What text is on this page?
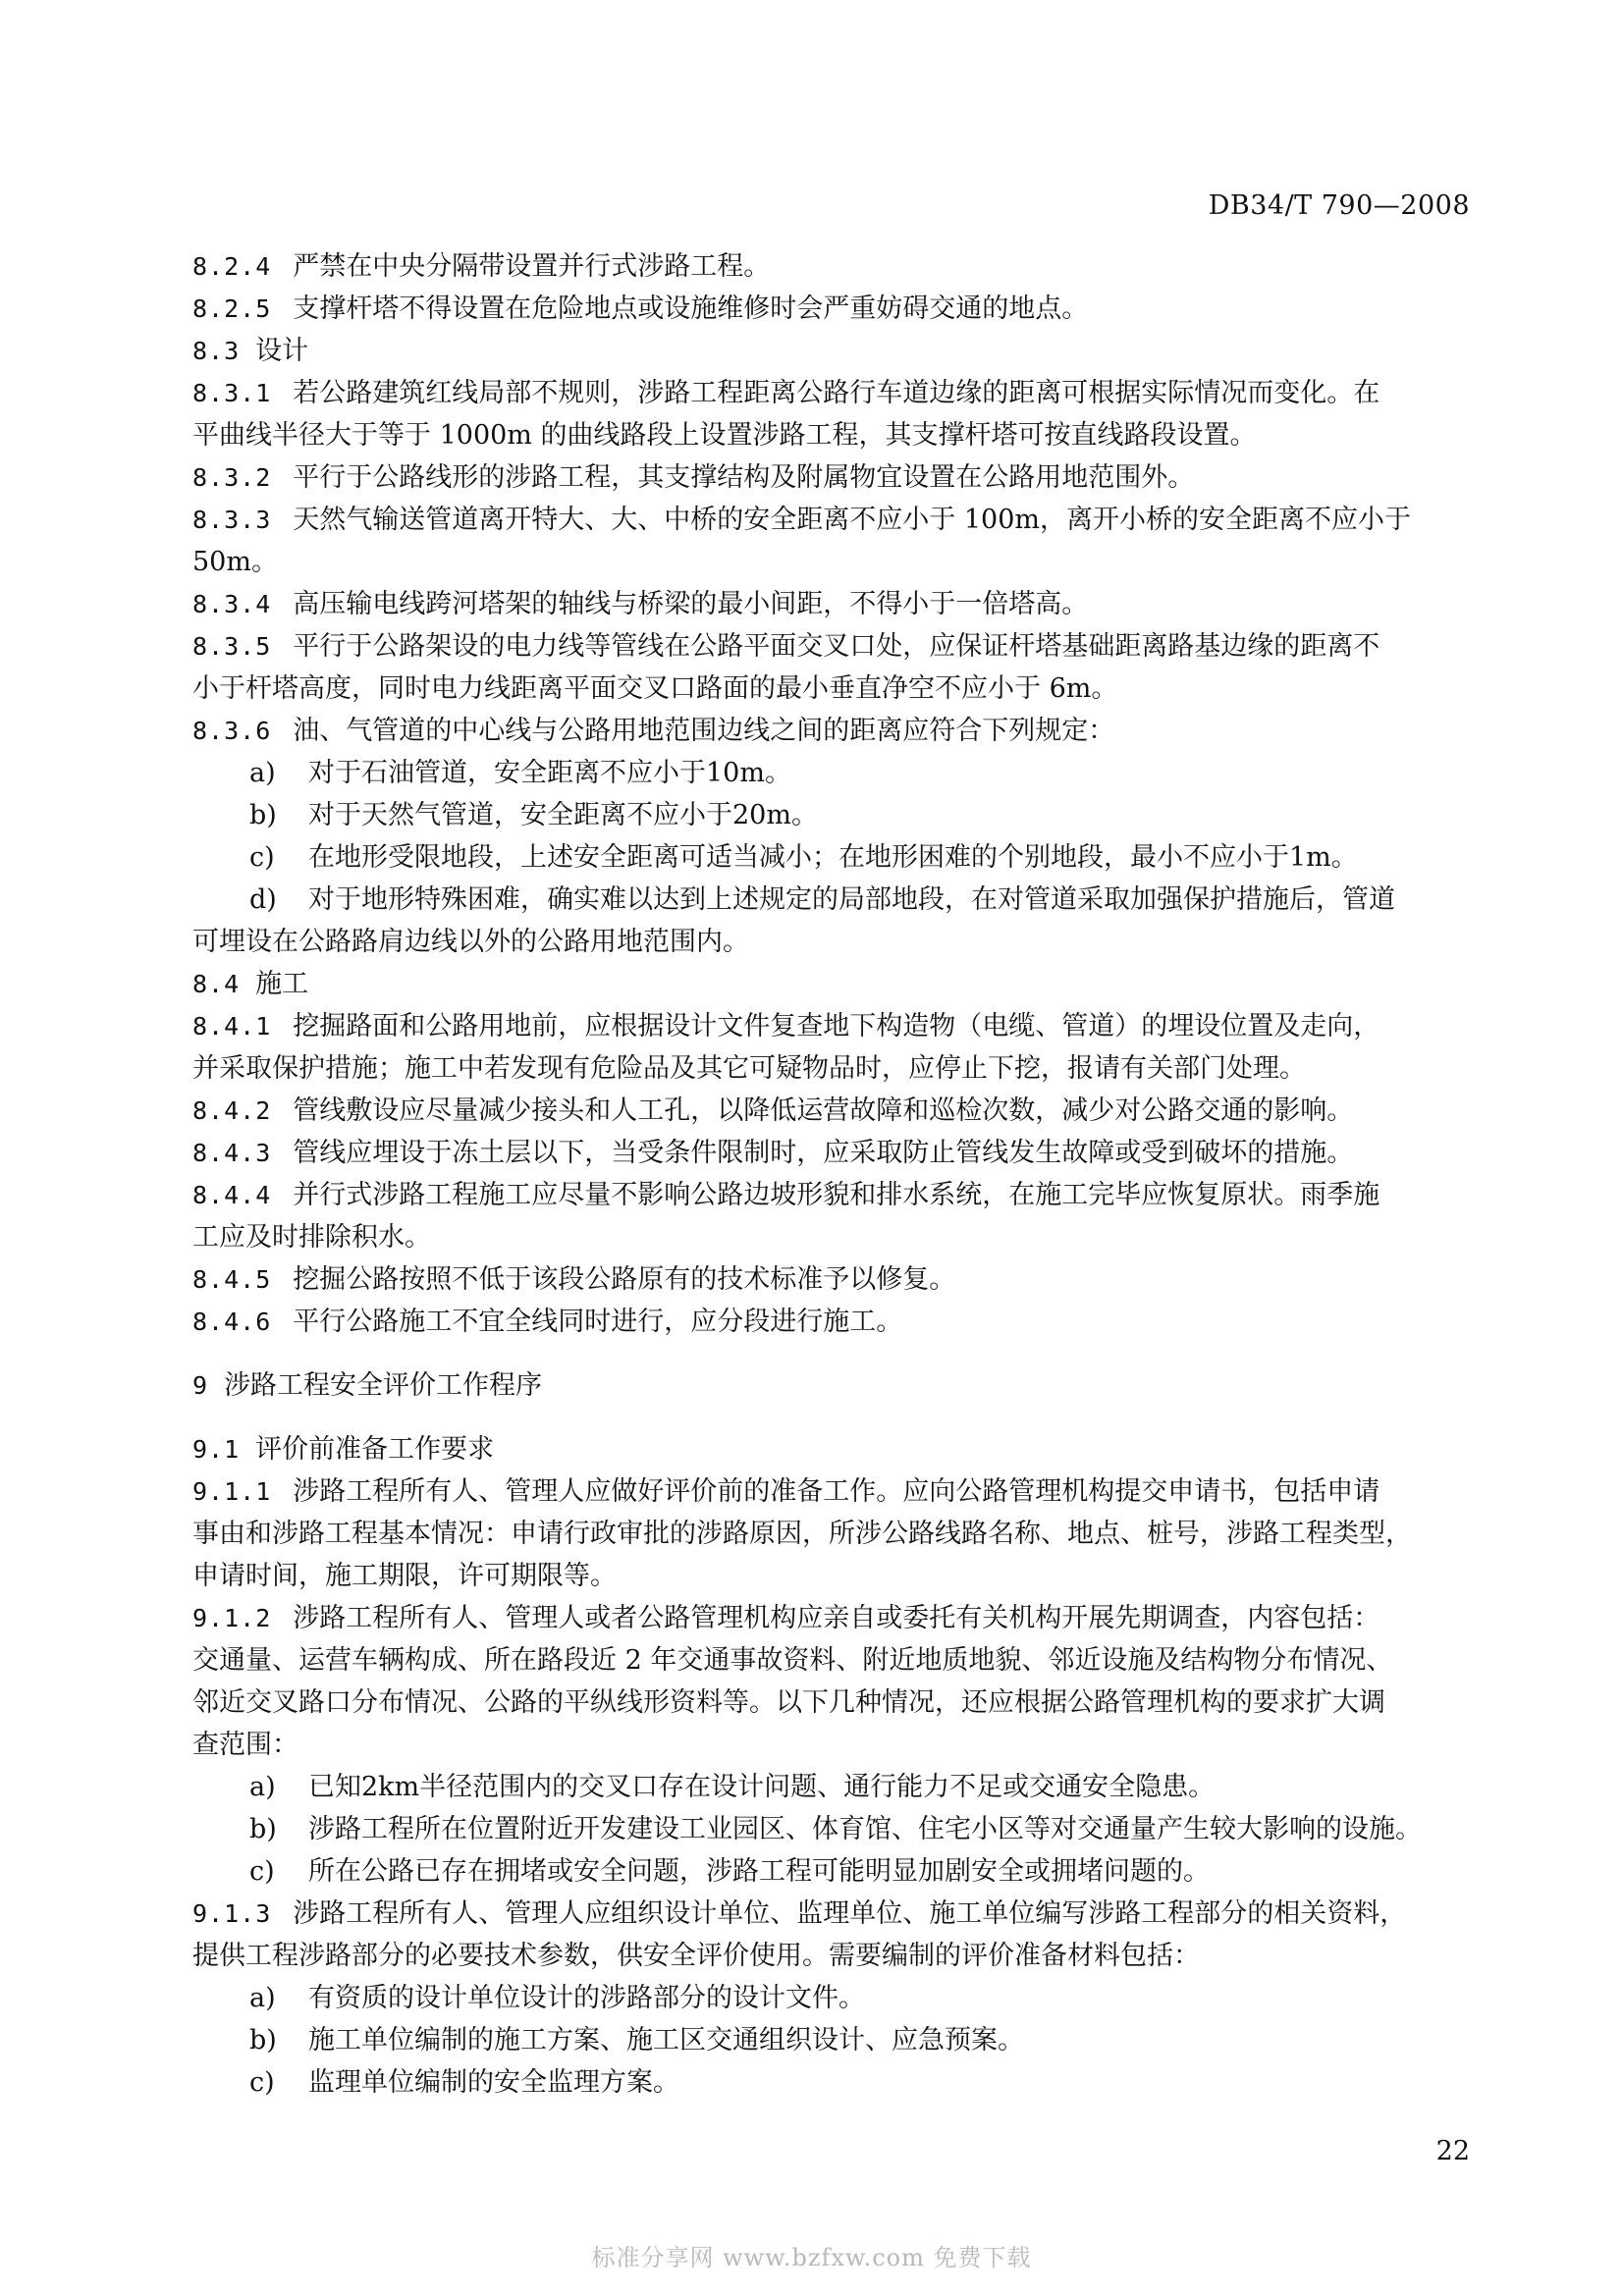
DB34/T 790—2008
8.2.4 严禁在中央分隔带设置并行式涉路工程。
8.2.5 支撑杆塔不得设置在危险地点或设施维修时会严重妨碍交通的地点。
8.3 设计
8.3.1 若公路建筑红线局部不规则，涉路工程距离公路行车道边缘的距离可根据实际情况而变化。在
平曲线半径大于等于 1000m 的曲线路段上设置涉路工程，其支撑杆塔可按直线路段设置。
8.3.2 平行于公路线形的涉路工程，其支撑结构及附属物宜设置在公路用地范围外。
8.3.3 天然气输送管道离开特大、大、中桥的安全距离不应小于 100m，离开小桥的安全距离不应小于
50m。
8.3.4 高压输电线跨河塔架的轴线与桥梁的最小间距，不得小于一倍塔高。
8.3.5 平行于公路架设的电力线等管线在公路平面交叉口处，应保证杆塔基础距离路基边缘的距离不
小于杆塔高度，同时电力线距离平面交叉口路面的最小垂直净空不应小于 6m。
8.3.6 油、气管道的中心线与公路用地范围边线之间的距离应符合下列规定：
a) 对于石油管道，安全距离不应小于10m。
b) 对于天然气管道，安全距离不应小于20m。
c) 在地形受限地段，上述安全距离可适当减小；在地形困难的个别地段，最小不应小于1m。
d) 对于地形特殊困难，确实难以达到上述规定的局部地段，在对管道采取加强保护措施后，管道
可埋设在公路路肩边线以外的公路用地范围内。
8.4 施工
8.4.1 挖掘路面和公路用地前，应根据设计文件复查地下构造物（电缆、管道）的埋设位置及走向，
并采取保护措施；施工中若发现有危险品及其它可疑物品时，应停止下挖，报请有关部门处理。
8.4.2 管线敷设应尽量减少接头和人工孔，以降低运营故障和巡检次数，减少对公路交通的影响。
8.4.3 管线应埋设于冻土层以下，当受条件限制时，应采取防止管线发生故障或受到破坏的措施。
8.4.4 并行式涉路工程施工应尽量不影响公路边坡形貌和排水系统，在施工完毕应恢复原状。雨季施
工应及时排除积水。
8.4.5 挖掘公路按照不低于该段公路原有的技术标准予以修复。
8.4.6 平行公路施工不宜全线同时进行，应分段进行施工。
9 涉路工程安全评价工作程序
9.1 评价前准备工作要求
9.1.1 涉路工程所有人、管理人应做好评价前的准备工作。应向公路管理机构提交申请书，包括申请
事由和涉路工程基本情况：申请行政审批的涉路原因，所涉公路线路名称、地点、桩号，涉路工程类型，
申请时间，施工期限，许可期限等。
9.1.2 涉路工程所有人、管理人或者公路管理机构应亲自或委托有关机构开展先期调查，内容包括：
交通量、运营车辆构成、所在路段近 2 年交通事故资料、附近地质地貌、邻近设施及结构物分布情况、
邻近交叉路口分布情况、公路的平纵线形资料等。以下几种情况，还应根据公路管理机构的要求扩大调
查范围：
a) 已知2km半径范围内的交叉口存在设计问题、通行能力不足或交通安全隐患。
b) 涉路工程所在位置附近开发建设工业园区、体育馆、住宅小区等对交通量产生较大影响的设施。
c) 所在公路已存在拥堵或安全问题，涉路工程可能明显加剧安全或拥堵问题的。
9.1.3 涉路工程所有人、管理人应组织设计单位、监理单位、施工单位编写涉路工程部分的相关资料，
提供工程涉路部分的必要技术参数，供安全评价使用。需要编制的评价准备材料包括：
a) 有资质的设计单位设计的涉路部分的设计文件。
b) 施工单位编制的施工方案、施工区交通组织设计、应急预案。
c) 监理单位编制的安全监理方案。
22
标准分享网 www.bzfxw.com 免费下载
